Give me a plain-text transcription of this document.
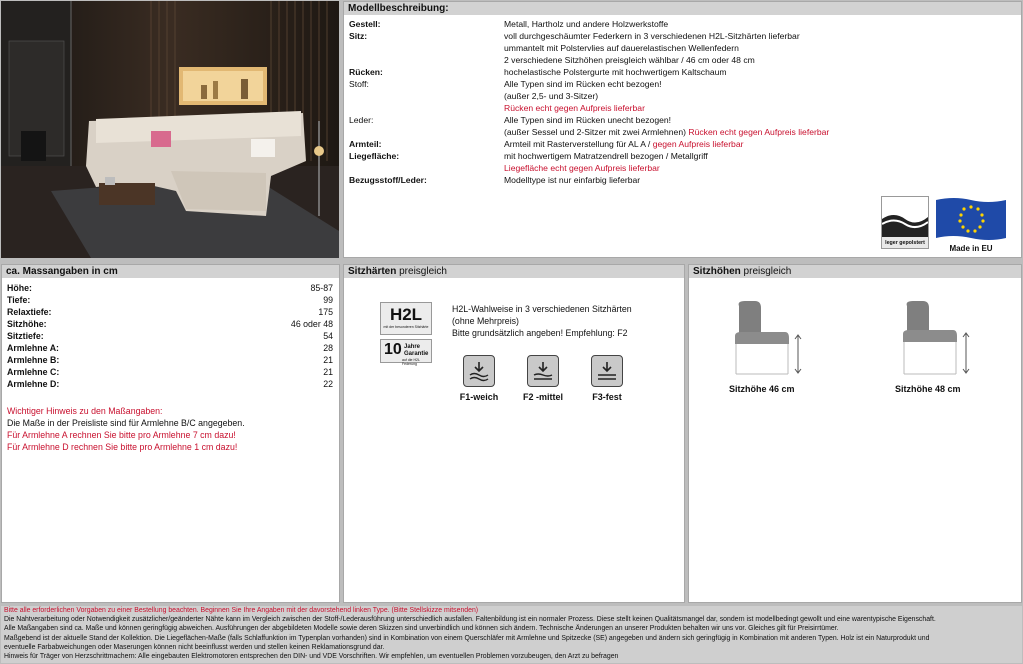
Modellbeschreibung:
Gestell:	Metall, Hartholz und andere Holzwerkstoffe
Sitz:	voll durchgeschäumter Federkern in 3 verschiedenen H2L-Sitzhärten lieferbar
ummantelt mit Polstervlies auf dauerelastischen Wellenfedern
2 verschiedene Sitzhöhen preisgleich wählbar / 46 cm oder 48 cm
Rücken:	hochelastische Polstergurte mit hochwertigem Kaltschaum
Stoff:	Alle Typen sind im Rücken echt bezogen!
(außer 2,5- und 3-Sitzer)
Rücken echt gegen Aufpreis lieferbar
Leder:	Alle Typen sind im Rücken unecht bezogen!
(außer Sessel und 2-Sitzer mit zwei Armlehnen) Rücken echt gegen Aufpreis lieferbar
Armteil:	Armteil mit Rasterverstellung für AL A / gegen Aufpreis lieferbar
Liegefläche:	mit hochwertigem Matratzendrell bezogen / Metallgriff
Liegefläche echt gegen Aufpreis lieferbar
Bezugsstoff/Leder:	Modelltype ist nur einfarbig lieferbar
leger gepolstert
Made in EU
ca. Massangaben in cm
Höhe:	85-87
Tiefe:	99
Relaxtiefe:	175
Sitzhöhe:	46 oder 48
Sitztiefe:	54
Armlehne A:	28
Armlehne B:	21
Armlehne C:	21
Armlehne D:	22
Wichtiger Hinweis zu den Maßangaben:
Die Maße in der Preisliste sind für Armlehne B/C angegeben.
Für Armlehne A rechnen Sie bitte pro Armlehne 7 cm dazu!
Für Armlehne D rechnen Sie bitte pro Armlehne 1 cm dazu!
Sitzhärten preisgleich
H2L
mit der besonderen Sitzhärte
10 Jahre Garantie
auf die H2L Federung
H2L-Wahlweise in 3 verschiedenen Sitzhärten
(ohne Mehrpreis)
Bitte grundsätzlich angeben! Empfehlung: F2
F1-weich	F2 -mittel	F3-fest
Sitzhöhen preisgleich
Sitzhöhe 46 cm	Sitzhöhe 48 cm
Bitte alle erforderlichen Vorgaben zu einer Bestellung beachten. Beginnen Sie Ihre Angaben mit der davorstehend linken Type. (Bitte Stellskizze mitsenden)
Die Nahtverarbeitung oder Notwendigkeit zusätzlicher/geänderter Nähte kann im Vergleich zwischen der Stoff-/Lederausführung unterschiedlich ausfallen. Faltenbildung ist ein normaler Prozess. Diese stellt keinen Qualitätsmangel dar, sondern ist modellbedingt gewollt und eine warentypische Eigenschaft.
Alle Maßangaben sind ca. Maße und können geringfügig abweichen. Ausführungen der abgebildeten Modelle sowie deren Skizzen sind unverbindlich und können sich ändern. Technische Änderungen an unserer Produkten behalten wir uns vor. Gleiches gilt für Preisirrtümer.
Maßgebend ist der aktuelle Stand der Kollektion. Die Liegeflächen-Maße (falls Schlaffunktion im Typenplan vorhanden) sind in Kombination von einem Querschläfer mit Armlehne und Spitzecke (SE) angegeben und ändern sich geringfügig in Kombination mit anderen Typen. Holz ist ein Naturprodukt und
eventuelle Farbabweichungen oder Maserungen können nicht beeinflusst werden und stellen keinen Reklamationsgrund dar.
Hinweis für Träger von Herzschrittmachern: Alle eingebauten Elektromotoren entsprechen den DIN- und VDE Vorschriften. Wir empfehlen, um eventuellen Problemen vorzubeugen, den Arzt zu befragen
